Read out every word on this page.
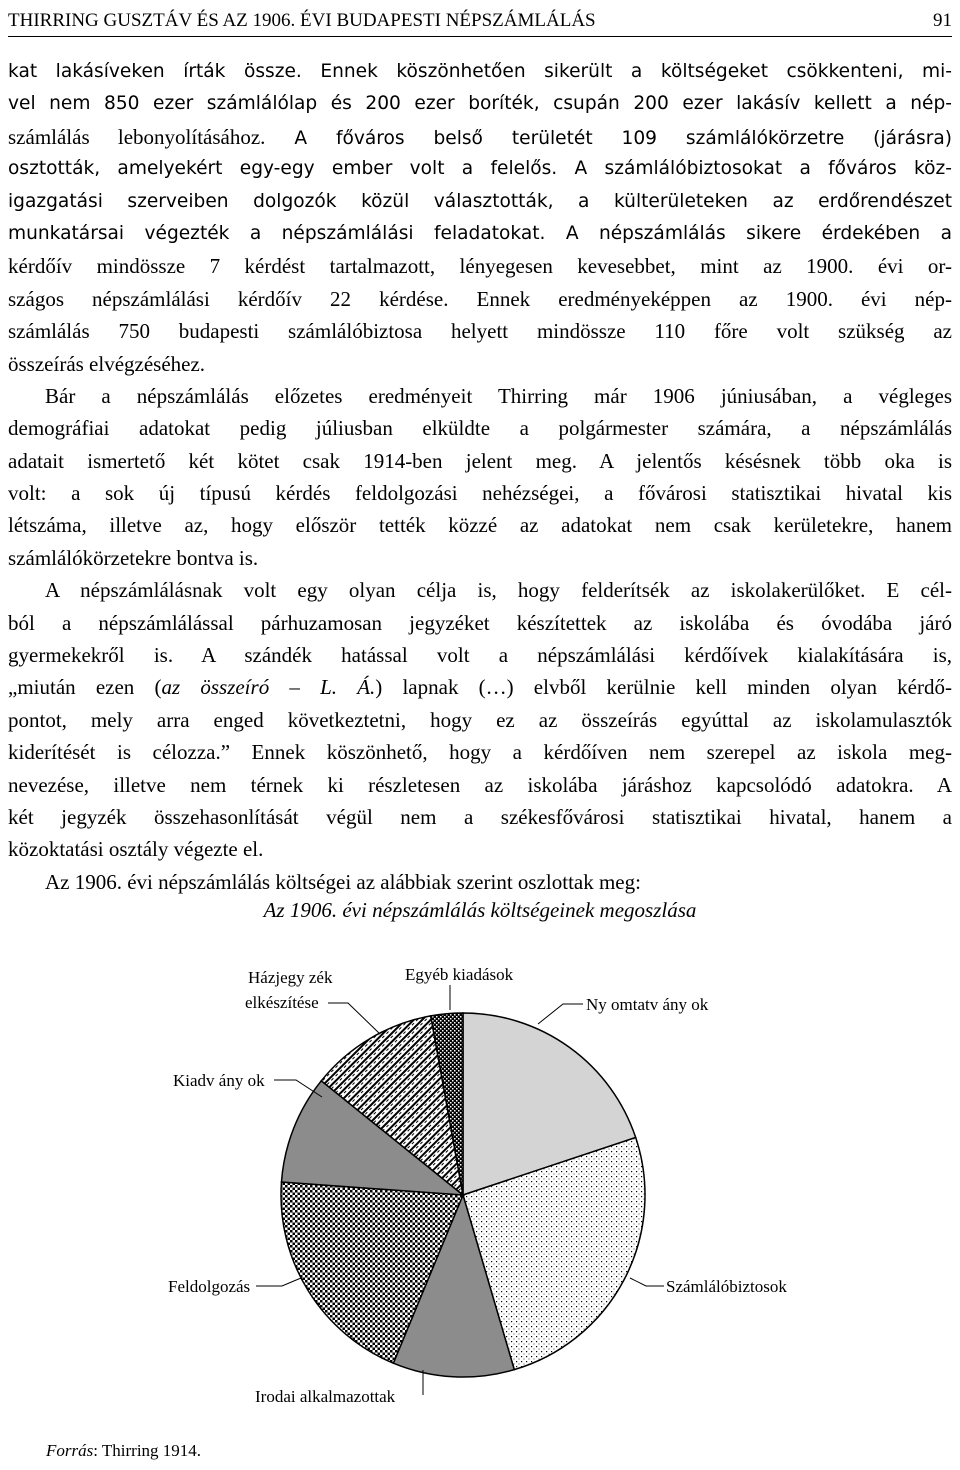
THIRRING GUSZTÁV ÉS AZ 1906. ÉVI BUDAPESTI NÉPSZÁMLÁLÁS	91
kat lakásíveken írták össze. Ennek köszönhetően sikerült a költségeket csökkenteni, mi-
vel nem 850 ezer számlálólap és 200 ezer boríték, csupán 200 ezer lakásív kellett a nép-
számlálás lebonyolításához. A főváros belső területét 109 számlálókörzetre (járásra)
osztották, amelyekért egy-egy ember volt a felelős. A számlálóbiztosokat a főváros köz-
igazgatási szerveiben dolgozók közül választották, a külterületeken az erdőrendészet
munkatársai végezték a népszámlálási feladatokat. A népszámlálás sikere érdekében a
kérdőív mindössze 7 kérdést tartalmazott, lényegesen kevesebbet, mint az 1900. évi or-
szágos népszámlálási kérdőív 22 kérdése. Ennek eredményeképpen az 1900. évi nép-
számlálás 750 budapesti számlálóbiztosa helyett mindössze 110 főre volt szükség az
összeírás elvégzéséhez.
Bár a népszámlálás előzetes eredményeit Thirring már 1906 júniusában, a végleges
demográfiai adatokat pedig júliusban elküldte a polgármester számára, a népszámlálás
adatait ismertető két kötet csak 1914-ben jelent meg. A jelentős késésnek több oka is
volt: a sok új típusú kérdés feldolgozási nehézségei, a fővárosi statisztikai hivatal kis
létszáma, illetve az, hogy először tették közzé az adatokat nem csak kerületekre, hanem
számlálókörzetekre bontva is.
A népszámlálásnak volt egy olyan célja is, hogy felderítsék az iskolakerülőket. E cél-
ból a népszámlálással párhuzamosan jegyzéket készítettek az iskolába és óvodába járó
gyermekekről is. A szándék hatással volt a népszámlálási kérdőívek kialakítására is,
„miután ezen (az összeíró – L. Á.) lapnak (…) elvből kerülnie kell minden olyan kérdő-
pontot, mely arra enged következtetni, hogy ez az összeírás egyúttal az iskolamulasztók
kiderítését is célozza.” Ennek köszönhető, hogy a kérdőíven nem szerepel az iskola meg-
nevezése, illetve nem térnek ki részletesen az iskolába járáshoz kapcsolódó adatokra. A
két jegyzék összehasonlítását végül nem a székesfővárosi statisztikai hivatal, hanem a
közoktatási osztály végezte el.
Az 1906. évi népszámlálás költségei az alábbiak szerint oszlottak meg:
Az 1906. évi népszámlálás költségeinek megoszlása
Házjegy zék
elkészítése
Egyéb kiadások
Ny omtatv ány ok
Kiadv ány ok
Feldolgozás	Számlálóbiztosok
Irodai alkalmazottak
Forrás: Thirring 1914.
